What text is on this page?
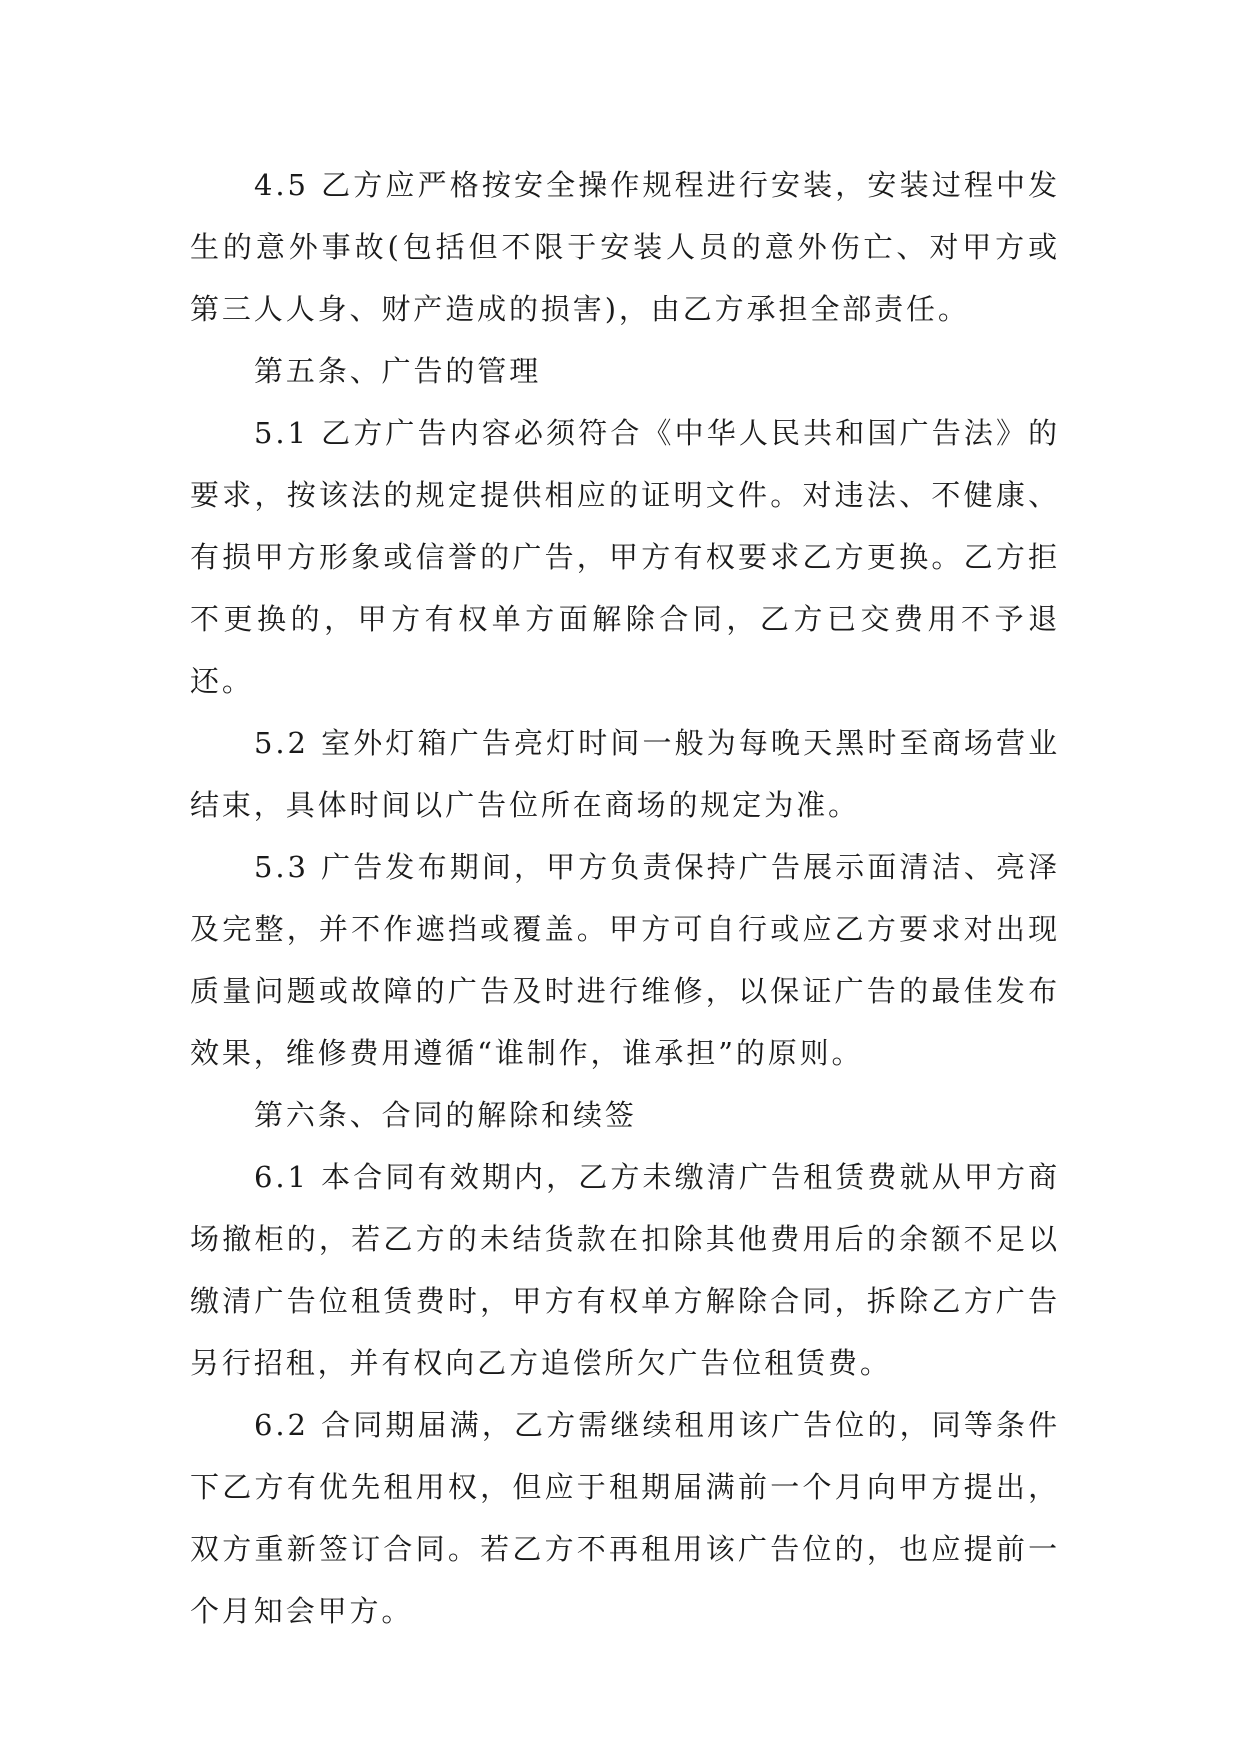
4.5 乙方应严格按安全操作规程进行安装，安装过程中发生的意外事故(包括但不限于安装人员的意外伤亡、对甲方或第三人人身、财产造成的损害)，由乙方承担全部责任。

第五条、广告的管理

5.1 乙方广告内容必须符合《中华人民共和国广告法》的要求，按该法的规定提供相应的证明文件。对违法、不健康、有损甲方形象或信誉的广告，甲方有权要求乙方更换。乙方拒不更换的，甲方有权单方面解除合同，乙方已交费用不予退还。

5.2 室外灯箱广告亮灯时间一般为每晚天黑时至商场营业结束，具体时间以广告位所在商场的规定为准。

5.3 广告发布期间，甲方负责保持广告展示面清洁、亮泽及完整，并不作遮挡或覆盖。甲方可自行或应乙方要求对出现质量问题或故障的广告及时进行维修，以保证广告的最佳发布效果，维修费用遵循“谁制作，谁承担”的原则。

第六条、合同的解除和续签

6.1 本合同有效期内，乙方未缴清广告租赁费就从甲方商场撤柜的，若乙方的未结货款在扣除其他费用后的余额不足以缴清广告位租赁费时，甲方有权单方解除合同，拆除乙方广告另行招租，并有权向乙方追偿所欠广告位租赁费。

6.2 合同期届满，乙方需继续租用该广告位的，同等条件下乙方有优先租用权，但应于租期届满前一个月向甲方提出，双方重新签订合同。若乙方不再租用该广告位的，也应提前一个月知会甲方。
